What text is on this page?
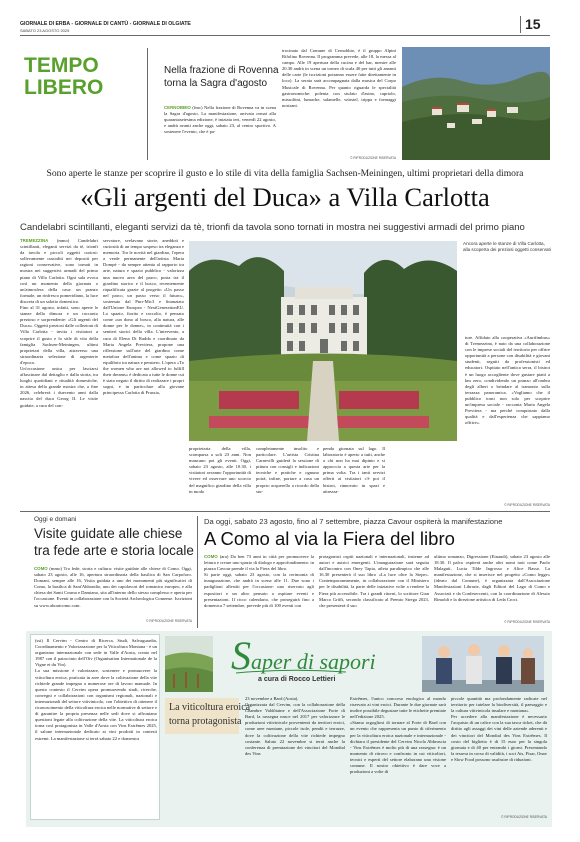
GIORNALE DI ERBA - GIORNALE DI CANTÙ - GIORNALE DI OLGIATE
SABATO 23 AGOSTO 2025	15
TEMPO
LIBERO
Nella frazione di Rovenna
torna la Sagra d'agosto
CERNOBBIO (fmc) Nella frazione di Rovenna va in scena la Sagra d'agosto. La manifestazione, arrivata ormai alla quarantaseiesima edizione, è iniziata ieri, venerdì 22 agosto, e andrà avanti anche oggi, sabato 23, al centro sportivo. A sostenere l'evento, che è pa-
trocinato dal Comune di Cernobbio, è il gruppo Alpini Rifolino Rovenna. Il programma prevede, alle 18, la messa al campo. Alle 19 apertura della cucina e del bar, mentre alle 20.30 andrà in scena un torneo di scala 40 per tutti gli amanti delle carte (le iscrizioni potranno essere fatte direttamente in loco). La serata sarà accompagnata dalla musica del Corpo Musicale di Rovenna. Per quanto riguarda le specialità gastronomiche: polenta con stufato d'asino, capriolo, missoltini, lumache, salamelle, würstel, trippa e formaggi nostrani.
© RIPRODUZIONE RISERVATA
Sono aperte le stanze per scoprire il gusto e lo stile di vita della famiglia Sachsen-Meiningen, ultimi proprietari della dimora
«Gli argenti del Duca» a Villa Carlotta
Candelabri scintillanti, eleganti servizi da tè, trionfi da tavola sono tornati in mostra nei suggestivi armadi del primo piano
TREMEZZINA (mmo) Candelabri scintillanti, eleganti servizi da tè, trionfi da tavola e piccoli oggetti curiosi: sollevamente custoditi nei depositi per ragioni conservative, sono tornati in mostra nei suggestivi armadi del primo piano di Villa Carlotta. Ogni sala evoca così un momento della giornata o un'atmosfera della casa: un pranzo formale, un rinfresco pomeridiano, la luce discreta di un salotto domestico.
Fino al 31 agosto, infatti, sono aperte le stanze della dimora e un racconto prezioso e sorprendente: «Gli argenti del Duca». Oggetti preziosi dalle collezioni di Villa Carlotta - invita i visitatori a scoprire il gusto e lo stile di vita della famiglia Sachsen-Meiningen, ultimi proprietari della villa, attraverso una straordinaria selezione di argenterie d'epoca.
Un'occasione unica per lasciarsi affascinare dal dettaglio e dalla storia, tra luoghi quotidiani e ritualità domestiche, in attesa della grande mostra che, a fine 2026, celebrerà i duecento anni dalla nascita del duca Georg II. Le visite guidate, a cura del con-
servatore, svelavano storie, aneddoti e curiosità di un tempo sospeso tra eleganza e memoria. Tra le novità nel giardino, l'opera a verde permanente dell'artista Maria Dompè - da sempre attenta al rapporto tra arte, natura e spazio pubblico - valorizza una nuova area del parco, posta tra il giardino storico e il bosco, recentemente riqualificata grazie al progetto «Un passo nel parco, un passo verso il futuro», sostenuto dal Pnrr-Mic3 e finanziato dall'Unione Europea - NextGenerationEU. Lo spazio, fiorito e raccolto, è pensato come «un dono al bosco, alla natura, alle donne per le donne», in continuità con i sentieri storici della villa. L'intervento, a cura di Elena Di Raddo e coordinato da Maria Angela Previtera, propone una riflessione sull'arte del giardino come metafora dell'anima e come spazio di equilibrio tra natura e pensiero. L'opera «To the women who are not allowed to fulfill their dreams» è dedicata a tutte le donne cui è stato negato il diritto di realizzare i propri sogni, e in particolare alla giovane principessa Carlotta di Prussia,
Ancora aperte le stanze di Villa Carlotta, alla scoperta dei preziosi oggetti conservati
proprietaria della villa, scomparsa a soli 23 anni. Non mancano poi gli eventi. Oggi, sabato 23 agosto, alle 10.30, i visitatori avranno l'opportunità di vivere ed osservare uno scorcio del magnifico giardino della villa in modo
completamente insolito e particolare. L'artista Cristina Carnevilli guiderà la sessione di pittura con consigli e indicazioni tecniche e pratiche e ognuno potrà, infine, portare a casa un proprio acquerello a ricordo della stu-
penda giornata sul lago. Il laboratorio è aperto a tutti, anche a chi non ha mai dipinto e si approccia a questa arte per la prima volta. Tra i tanti servizi offerti ai visitatori c'è poi il bistrot, rinnovato in spazi e attrezza-
ture. Affidato alla cooperativa «Aurifimbus» di Tremezzina, è nato da una collaborazione con le imprese sociali del territorio per offrire opportunità a persone con disabilità e giovani studenti, seguiti da professionisti ed educatori. Ospitato nell'antica serra, il bistrot è un luogo accogliente dove gustare piatti a km zero, condividendo un pranzo all'ombra degli alberi o brindare al tramonto sulla terrazza panoramica. «Vogliamo che il pubblico torni non solo per scoprire un'impresa sociale - racconta Maria Angela Previtera - ma perché conquistato dalla qualità e dall'esperienza che sappiamo offrire».
© RIPRODUZIONE RISERVATA
Oggi e domani
Visite guidate alle chiese
tra fede arte e storia locale
COMO (mmo) Tra fede, storia e cultura: visite guidate alle chiese di Como. Oggi, sabato 23 agosto, alle 16, apertura straordinaria della basilica di San Carpoforo. Domani, sempre alle 16, Visita guidata a uno dei monumenti più significativi di Como, la basilica di Sant'Abbondio, uno dei capolavori del romanico europeo, e alla chiesa dei Santi Cosma e Damiano, sita all'interno dello stesso complesso e aperta per l'occasione. Eventi in collaborazione con la Società Archeologica Comense. Iscrizioni su www.aboutcomo.com.
© RIPRODUZIONE RISERVATA
Da oggi, sabato 23 agosto, fino al 7 settembre, piazza Cavour ospiterà la manifestazione
A Como al via la Fiera del libro
COMO (ara) Da ben 73 anni in città per promuovere la lettura e creare uno spazio di dialogo e approfondimento: in piazza Cavour prende il via la Fiera del libro.
Si parte oggi, sabato 23 agosto, con la cerimonia di inaugurazione, che andrà in scena alle 11. Due sono i padiglioni allestiti per l'occasione: uno riservato agli espositori e un altro pensato a ospitare eventi e presentazioni. Il ricco calendario, che proseguirà fino a domenica 7 settembre, prevede più di 100 eventi con
protagonisti ospiti nazionali e internazionali, insieme ad autori e autrici emergenti. L'inaugurazione sarà seguita dall'incontro con Oney Tapia, atleta paralimpico che alle 16.30 presenterà il suo libro «La luce oltre la Siepe». Contemporaneamente, in collaborazione con il Ministero per le disabilità, la parte delle iniziative volte a rendere la Fiera più accessibile. Tra i grandi ritorni, lo scrittore Gian Marco Griffi, secondo classificato al Premio Strega 2023, che presenterà il suo
ultimo romanzo, Digressione (Einaudi), sabato 23 agosto alle 18.30. Il palco ospiterà anche altri nomi noti come Paolo Malaguti, Lucia Tilde Ingrosso e Alice Basso. La manifestazione, che si inserisce nel progetto «Como legge» (ideato dal Comune), è organizzata dall'Associazione Manifestazioni Librarie, dagli Editori del Lago di Como e Associati e da Confesercenti, con la coordinazione di Alessio Rimoldi e la direzione artistica di Leda Croci.
© RIPRODUZIONE RISERVATA
Saper di sapori
a cura di Rocco Lettieri
(ssi) Il Cervim - Centro di Ricerca, Studi, Salvaguardia, Coordinamento e Valorizzazione per la Viticoltura Montana - è un organismo internazionale con sede in Valle d'Aosta, creato nel 1987 con il patrocinio dell'Oiv (Organisation Internationale de la Vigne et du Vin).
La sua missione è valorizzare, sostenere e promuovere la viticoltura eroica, praticata in aree dove la coltivazione della vite richiede grande impegno a numerose ore di lavoro manuale. In questo contesto il Cervim opera promuovendo studi, ricerche, convegni e collaborazioni con organismi regionali, nazionali e internazionali del settore vitivinicolo, con l'obiettivo di ottenere il riconoscimento della viticoltura eroica nelle normative di settore e di garantire la propria presenza nelle sedi dove si affrontano questioni legate alla coltivazione della vite. La viticoltura eroica torna così protagonista in Valle d'Aosta con Vins Extrêmes 2025, il salone internazionale dedicato ai vini prodotti in contesti estremi. La manifestazione si terrà sabato 22 e domenica
La viticoltura eroica
torna protagonista
23 novembre a Bard (Aosta).
Organizzata dal Cervim, con la collaborazione della Chambre Valdôtaine e dell'Associazione Forte di Bard, la rassegna nasce nel 2017 per valorizzare le produzioni vitivinicole provenienti da territori eroici, come aree montane, piccole isole, pendii e terrazze, dove la coltivazione della vite richiede impegno costante. Saluto 22 novembre si terrà anche la conferenza di premiazione dei vincitori del Mondial des Vins
Extrêmes, l'unico concorso enologico al mondo riservato ai vini eroici. Durante le due giornate sarà inoltre possibile degustare tutte le etichette premiate nell'edizione 2025.
«Siamo orgogliosi di tornare al Forte di Bard con un evento che rappresenta un punto di riferimento per la viticoltura eroica nazionale e internazionale - dichiara il presidente del Cervim Nicola Abbruscia - Vins Extrêmes è molto più di una rassegna: è un momento di ritrovo e confronto in cui viticoltori, tecnici e esperti del settore elaborano una visione comune. Il nostro obiettivo è dare voce a produzioni a volte di
piccole quantità ma profondamente radicate nel territorio per tutelare la biodiversità, il paesaggio e la cultura vitivinicola insulare e montana».
Per accedere alla manifestazione è necessario l'acquisto di un calice con la sua tasca ticket, che dà diritto agli assaggi dei vini delle aziende aderenti e dei vincitori del Mondial des Vins Extrêmes. Il costo del biglietto è di 15 euro per la singola giornata e di 40 per entrambi i giorni. Presentando la tessera in corso di validità, i soci Ais, Fisar, Onav e Slow Food possono usufruire di riduzioni.
© RIPRODUZIONE RISERVATA
